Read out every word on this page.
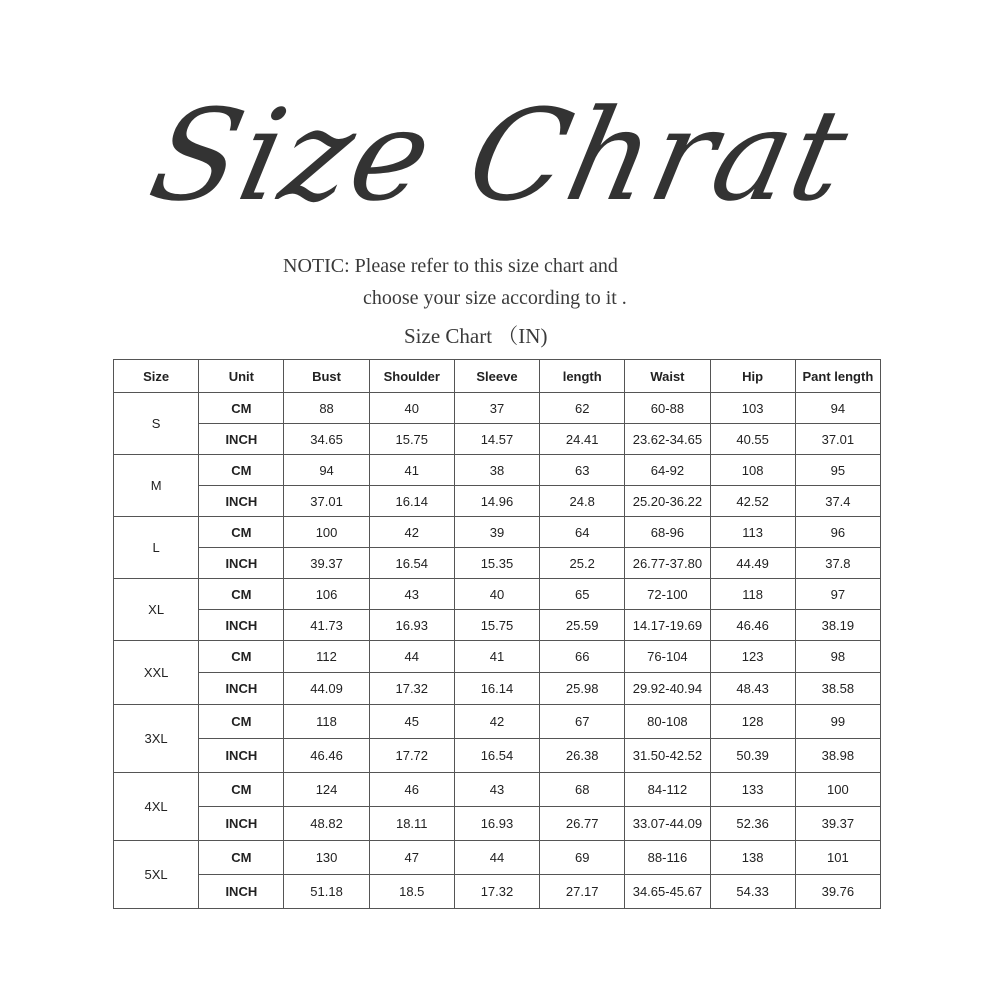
Size Chrat
NOTIC: Please refer to this size chart and
choose your size according to it .
Size Chart （IN)
Size	Unit	Bust	Shoulder	Sleeve	length	Waist	Hip	Pant length
S	CM	88	40	37	62	60-88	103	94
	INCH	34.65	15.75	14.57	24.41	23.62-34.65	40.55	37.01
M	CM	94	41	38	63	64-92	108	95
	INCH	37.01	16.14	14.96	24.8	25.20-36.22	42.52	37.4
L	CM	100	42	39	64	68-96	113	96
	INCH	39.37	16.54	15.35	25.2	26.77-37.80	44.49	37.8
XL	CM	106	43	40	65	72-100	118	97
	INCH	41.73	16.93	15.75	25.59	14.17-19.69	46.46	38.19
XXL	CM	112	44	41	66	76-104	123	98
	INCH	44.09	17.32	16.14	25.98	29.92-40.94	48.43	38.58
3XL	CM	118	45	42	67	80-108	128	99
	INCH	46.46	17.72	16.54	26.38	31.50-42.52	50.39	38.98
4XL	CM	124	46	43	68	84-112	133	100
	INCH	48.82	18.11	16.93	26.77	33.07-44.09	52.36	39.37
5XL	CM	130	47	44	69	88-116	138	101
	INCH	51.18	18.5	17.32	27.17	34.65-45.67	54.33	39.76
